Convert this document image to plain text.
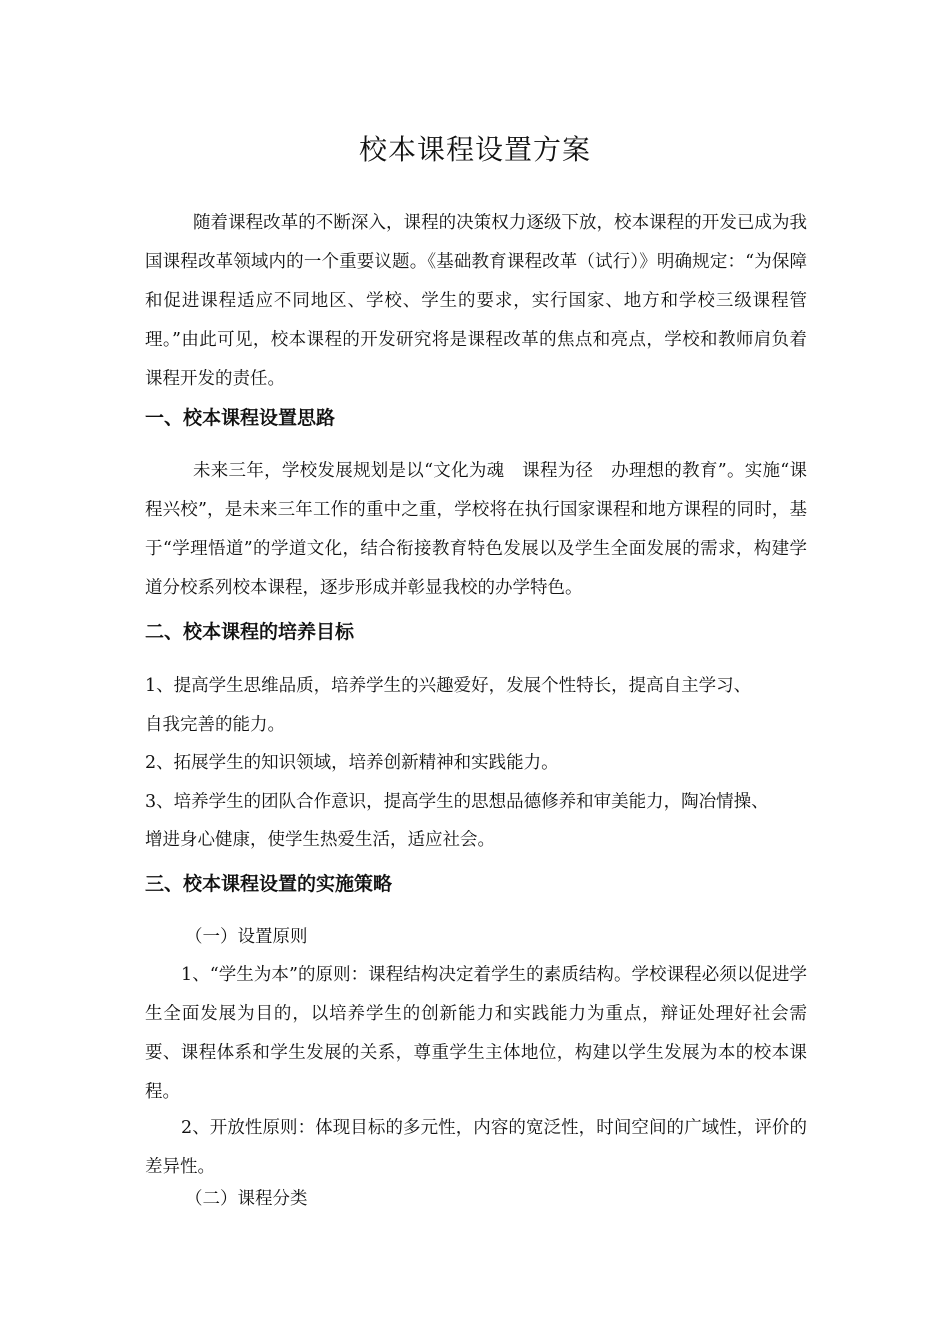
校本课程设置方案

随着课程改革的不断深入，课程的决策权力逐级下放，校本课程的开发已成为我国课程改革领域内的一个重要议题。《基础教育课程改革（试行）》明确规定：“为保障和促进课程适应不同地区、学校、学生的要求，实行国家、地方和学校三级课程管理。”由此可见，校本课程的开发研究将是课程改革的焦点和亮点，学校和教师肩负着课程开发的责任。

一、校本课程设置思路

未来三年，学校发展规划是以“文化为魂　课程为径　办理想的教育”。实施“课程兴校”，是未来三年工作的重中之重，学校将在执行国家课程和地方课程的同时，基于“学理悟道”的学道文化，结合衔接教育特色发展以及学生全面发展的需求，构建学道分校系列校本课程，逐步形成并彰显我校的办学特色。

二、校本课程的培养目标

1、提高学生思维品质，培养学生的兴趣爱好，发展个性特长，提高自主学习、

自我完善的能力。

2、拓展学生的知识领域，培养创新精神和实践能力。

3、培养学生的团队合作意识，提高学生的思想品德修养和审美能力，陶冶情操、

增进身心健康，使学生热爱生活，适应社会。

三、校本课程设置的实施策略

（一）设置原则

1、“学生为本”的原则：课程结构决定着学生的素质结构。学校课程必须以促进学生全面发展为目的，以培养学生的创新能力和实践能力为重点，辩证处理好社会需要、课程体系和学生发展的关系，尊重学生主体地位，构建以学生发展为本的校本课程。

2、开放性原则：体现目标的多元性，内容的宽泛性，时间空间的广域性，评价的差异性。

（二）课程分类
